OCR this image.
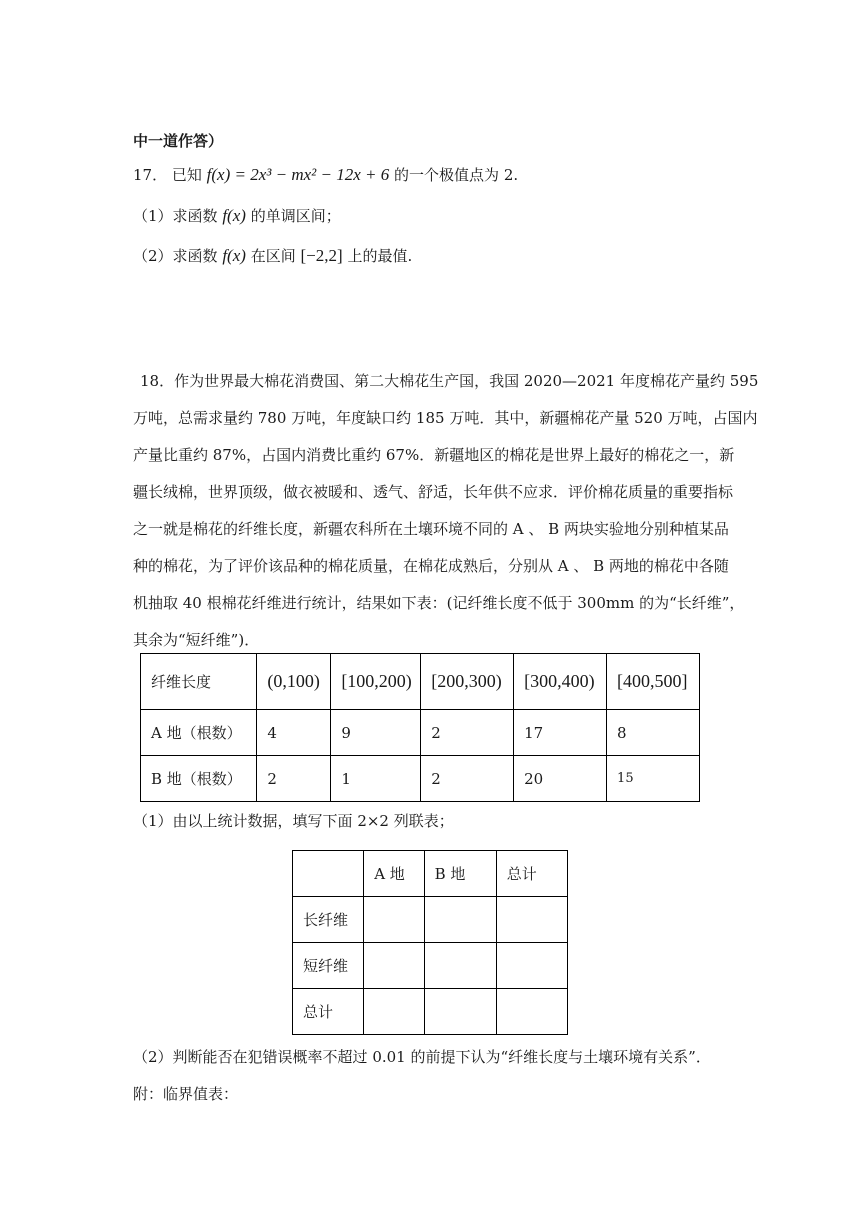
中一道作答）
17． 已知 f(x) = 2x³ − mx² − 12x + 6 的一个极值点为 2.
（1）求函数 f(x) 的单调区间；
（2）求函数 f(x) 在区间 [−2,2] 上的最值.
18．作为世界最大棉花消费国、第二大棉花生产国，我国 2020—2021 年度棉花产量约 595
万吨，总需求量约 780 万吨，年度缺口约 185 万吨．其中，新疆棉花产量 520 万吨，占国内
产量比重约 87%，占国内消费比重约 67%．新疆地区的棉花是世界上最好的棉花之一，新
疆长绒棉，世界顶级，做衣被暖和、透气、舒适，长年供不应求．评价棉花质量的重要指标
之一就是棉花的纤维长度，新疆农科所在土壤环境不同的 A 、 B 两块实验地分别种植某品
种的棉花，为了评价该品种的棉花质量，在棉花成熟后，分别从 A 、 B 两地的棉花中各随
机抽取 40 根棉花纤维进行统计，结果如下表：(记纤维长度不低于 300mm 的为“长纤维”，
其余为“短纤维”)．
纤维长度	(0,100)	[100,200)	[200,300)	[300,400)	[400,500]
A 地（根数）	4	9	2	17	8
B 地（根数）	2	1	2	20	15
（1）由以上统计数据，填写下面 2×2 列联表；
	A 地	B 地	总计
长纤维			
短纤维			
总计			
（2）判断能否在犯错误概率不超过 0.01 的前提下认为“纤维长度与土壤环境有关系”．
附：临界值表：
